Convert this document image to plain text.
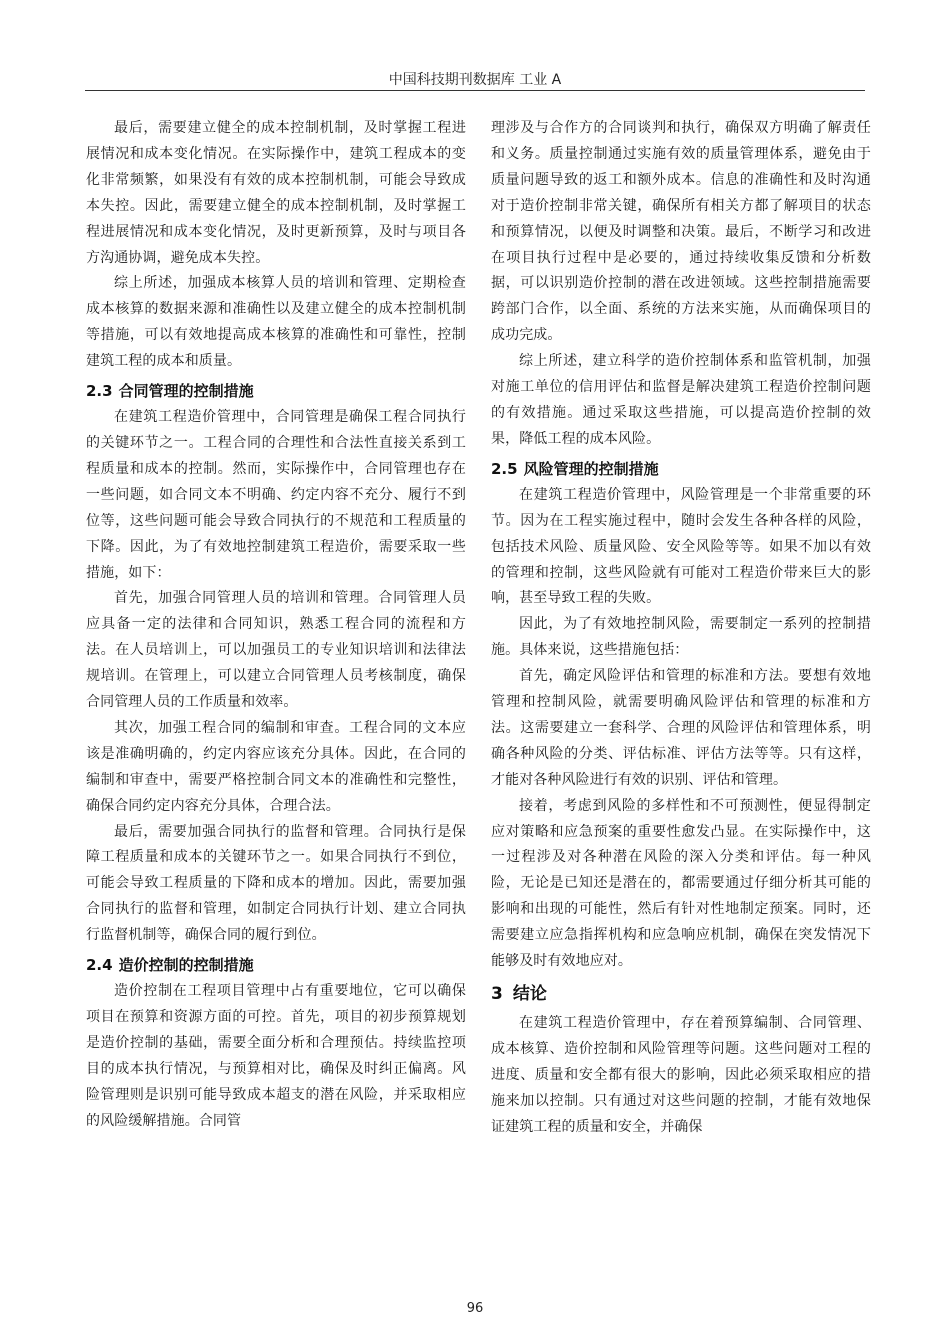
中国科技期刊数据库 工业 A

最后，需要建立健全的成本控制机制，及时掌握工程进展情况和成本变化情况。在实际操作中，建筑工程成本的变化非常频繁，如果没有有效的成本控制机制，可能会导致成本失控。因此，需要建立健全的成本控制机制，及时掌握工程进展情况和成本变化情况，及时更新预算，及时与项目各方沟通协调，避免成本失控。

综上所述，加强成本核算人员的培训和管理、定期检查成本核算的数据来源和准确性以及建立健全的成本控制机制等措施，可以有效地提高成本核算的准确性和可靠性，控制建筑工程的成本和质量。

2.3 合同管理的控制措施

在建筑工程造价管理中，合同管理是确保工程合同执行的关键环节之一。工程合同的合理性和合法性直接关系到工程质量和成本的控制。然而，实际操作中，合同管理也存在一些问题，如合同文本不明确、约定内容不充分、履行不到位等，这些问题可能会导致合同执行的不规范和工程质量的下降。因此，为了有效地控制建筑工程造价，需要采取一些措施，如下：

首先，加强合同管理人员的培训和管理。合同管理人员应具备一定的法律和合同知识，熟悉工程合同的流程和方法。在人员培训上，可以加强员工的专业知识培训和法律法规培训。在管理上，可以建立合同管理人员考核制度，确保合同管理人员的工作质量和效率。

其次，加强工程合同的编制和审查。工程合同的文本应该是准确明确的，约定内容应该充分具体。因此，在合同的编制和审查中，需要严格控制合同文本的准确性和完整性，确保合同约定内容充分具体，合理合法。

最后，需要加强合同执行的监督和管理。合同执行是保障工程质量和成本的关键环节之一。如果合同执行不到位，可能会导致工程质量的下降和成本的增加。因此，需要加强合同执行的监督和管理，如制定合同执行计划、建立合同执行监督机制等，确保合同的履行到位。

2.4 造价控制的控制措施

造价控制在工程项目管理中占有重要地位，它可以确保项目在预算和资源方面的可控。首先，项目的初步预算规划是造价控制的基础，需要全面分析和合理预估。持续监控项目的成本执行情况，与预算相对比，确保及时纠正偏离。风险管理则是识别可能导致成本超支的潜在风险，并采取相应的风险缓解措施。合同管

理涉及与合作方的合同谈判和执行，确保双方明确了解责任和义务。质量控制通过实施有效的质量管理体系，避免由于质量问题导致的返工和额外成本。信息的准确性和及时沟通对于造价控制非常关键，确保所有相关方都了解项目的状态和预算情况，以便及时调整和决策。最后，不断学习和改进在项目执行过程中是必要的，通过持续收集反馈和分析数据，可以识别造价控制的潜在改进领域。这些控制措施需要跨部门合作，以全面、系统的方法来实施，从而确保项目的成功完成。

综上所述，建立科学的造价控制体系和监管机制，加强对施工单位的信用评估和监督是解决建筑工程造价控制问题的有效措施。通过采取这些措施，可以提高造价控制的效果，降低工程的成本风险。

2.5 风险管理的控制措施

在建筑工程造价管理中，风险管理是一个非常重要的环节。因为在工程实施过程中，随时会发生各种各样的风险，包括技术风险、质量风险、安全风险等等。如果不加以有效的管理和控制，这些风险就有可能对工程造价带来巨大的影响，甚至导致工程的失败。

因此，为了有效地控制风险，需要制定一系列的控制措施。具体来说，这些措施包括：

首先，确定风险评估和管理的标准和方法。要想有效地管理和控制风险，就需要明确风险评估和管理的标准和方法。这需要建立一套科学、合理的风险评估和管理体系，明确各种风险的分类、评估标准、评估方法等等。只有这样，才能对各种风险进行有效的识别、评估和管理。

接着，考虑到风险的多样性和不可预测性，便显得制定应对策略和应急预案的重要性愈发凸显。在实际操作中，这一过程涉及对各种潜在风险的深入分类和评估。每一种风险，无论是已知还是潜在的，都需要通过仔细分析其可能的影响和出现的可能性，然后有针对性地制定预案。同时，还需要建立应急指挥机构和应急响应机制，确保在突发情况下能够及时有效地应对。

3 结论

在建筑工程造价管理中，存在着预算编制、合同管理、成本核算、造价控制和风险管理等问题。这些问题对工程的进度、质量和安全都有很大的影响，因此必须采取相应的措施来加以控制。只有通过对这些问题的控制，才能有效地保证建筑工程的质量和安全，并确保

96
